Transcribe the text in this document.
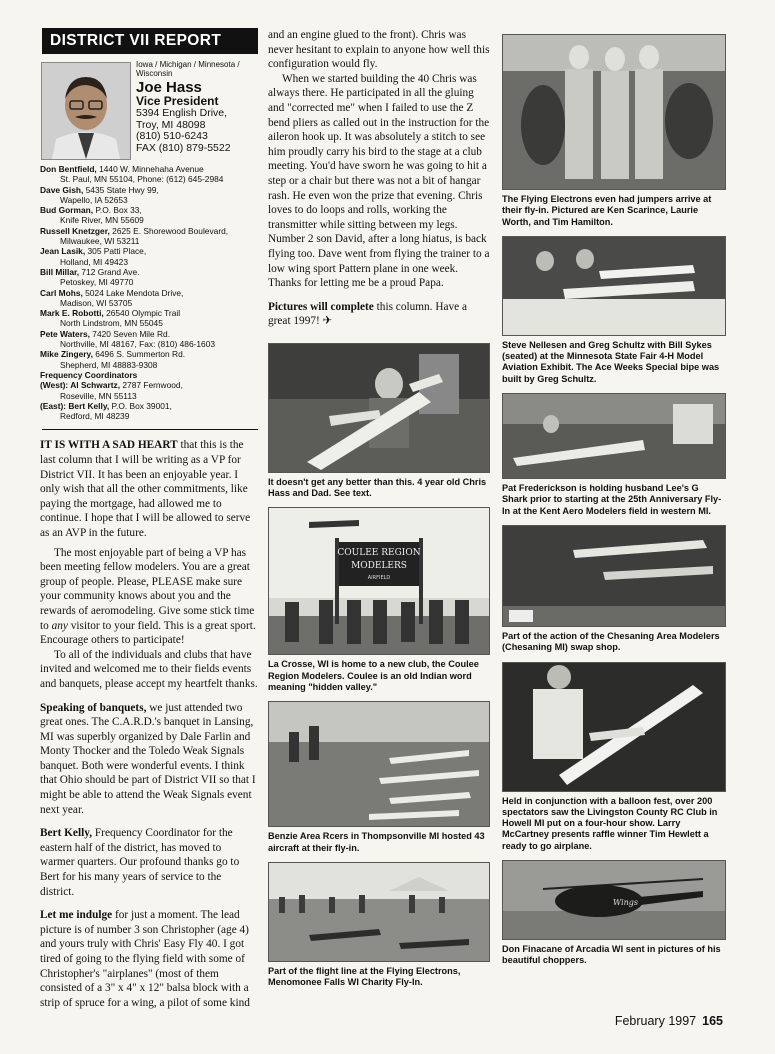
DISTRICT VII REPORT
Iowa / Michigan / Minnesota / Wisconsin
Joe Hass
Vice President
5394 English Drive,
Troy, MI 48098
(810) 510-6243
FAX (810) 879-5522
Don Bentfield, 1440 W. Minnehaha Avenue
St. Paul, MN 55104, Phone: (612) 645-2984
Dave Gish, 5435 State Hwy 99,
Wapello, IA 52653
Bud Gorman, P.O. Box 33,
Knife River, MN 55609
Russell Knetzger, 2625 E. Shorewood Boulevard,
Milwaukee, WI 53211
Jean Lasik, 305 Patti Place,
Holland, MI 49423
Bill Millar, 712 Grand Ave.
Petoskey, MI 49770
Carl Mohs, 5024 Lake Mendota Drive,
Madison, WI 53705
Mark E. Robotti, 26540 Olympic Trail
North Lindstrom, MN 55045
Pete Waters, 7420 Seven Mile Rd.
Northville, MI 48167, Fax: (810) 486-1603
Mike Zingery, 6496 S. Summerton Rd.
Shepherd, MI 48883-9308
Frequency Coordinators
(West): Al Schwartz, 2787 Fernwood,
Roseville, MN 55113
(East): Bert Kelly, P.O. Box 39001,
Redford, MI 48239

IT IS WITH A SAD HEART that this is the last column that I will be writing as a VP for District VII. It has been an enjoyable year. I only wish that all the other commitments, like paying the mortgage, had allowed me to continue. I hope that I will be allowed to serve as an AVP in the future.

The most enjoyable part of being a VP has been meeting fellow modelers. You are a great group of people. Please, PLEASE make sure your community knows about you and the rewards of aeromodeling. Give some stick time to any visitor to your field. This is a great sport. Encourage others to participate!

To all of the individuals and clubs that have invited and welcomed me to their fields events and banquets, please accept my heartfelt thanks.

Speaking of banquets, we just attended two great ones. The C.A.R.D.'s banquet in Lansing, MI was superbly organized by Dale Farlin and Monty Thocker and the Toledo Weak Signals banquet. Both were wonderful events. I think that Ohio should be part of District VII so that I might be able to attend the Weak Signals event next year.

Bert Kelly, Frequency Coordinator for the eastern half of the district, has moved to warmer quarters. Our profound thanks go to Bert for his many years of service to the district.

Let me indulge for just a moment. The lead picture is of number 3 son Christopher (age 4) and yours truly with Chris' Easy Fly 40. I got tired of going to the flying field with some of Christopher's "airplanes" (most of them consisted of a 3" x 4" x 12" balsa block with a strip of spruce for a wing, a pilot of some kind

and an engine glued to the front). Chris was never hesitant to explain to anyone how well this configuration would fly.

When we started building the 40 Chris was always there. He participated in all the gluing and "corrected me" when I failed to use the Z bend pliers as called out in the instruction for the aileron hook up. It was absolutely a stitch to see him proudly carry his bird to the stage at a club meeting. You'd have sworn he was going to hit a step or a chair but there was not a bit of hangar rash. He even won the prize that evening. Chris loves to do loops and rolls, working the transmitter while sitting between my legs. Number 2 son David, after a long hiatus, is back flying too. Dave went from flying the trainer to a low wing sport Pattern plane in one week. Thanks for letting me be a proud Papa.

Pictures will complete this column. Have a great 1997! ✈

It doesn't get any better than this. 4 year old Chris Hass and Dad. See text.
COULEE REGION
MODELERS
AIRFIELD
La Crosse, WI is home to a new club, the Coulee Region Modelers. Coulee is an old Indian word meaning "hidden valley."
Benzie Area Rcers in Thompsonville MI hosted 43 aircraft at their fly-in.
Part of the flight line at the Flying Electrons, Menomonee Falls WI Charity Fly-In.
The Flying Electrons even had jumpers arrive at their fly-in. Pictured are Ken Scarince, Laurie Worth, and Tim Hamilton.
Steve Nellesen and Greg Schultz with Bill Sykes (seated) at the Minnesota State Fair 4-H Model Aviation Exhibit. The Ace Weeks Special bipe was built by Greg Schultz.
Pat Frederickson is holding husband Lee's G Shark prior to starting at the 25th Anniversary Fly-In at the Kent Aero Modelers field in western MI.
Part of the action of the Chesaning Area Modelers (Chesaning MI) swap shop.
Held in conjunction with a balloon fest, over 200 spectators saw the Livingston County RC Club in Howell MI put on a four-hour show. Larry McCartney presents raffle winner Tim Hewlett a ready to go airplane.
Wings
Don Finacane of Arcadia WI sent in pictures of his beautiful choppers.
February 1997 165
